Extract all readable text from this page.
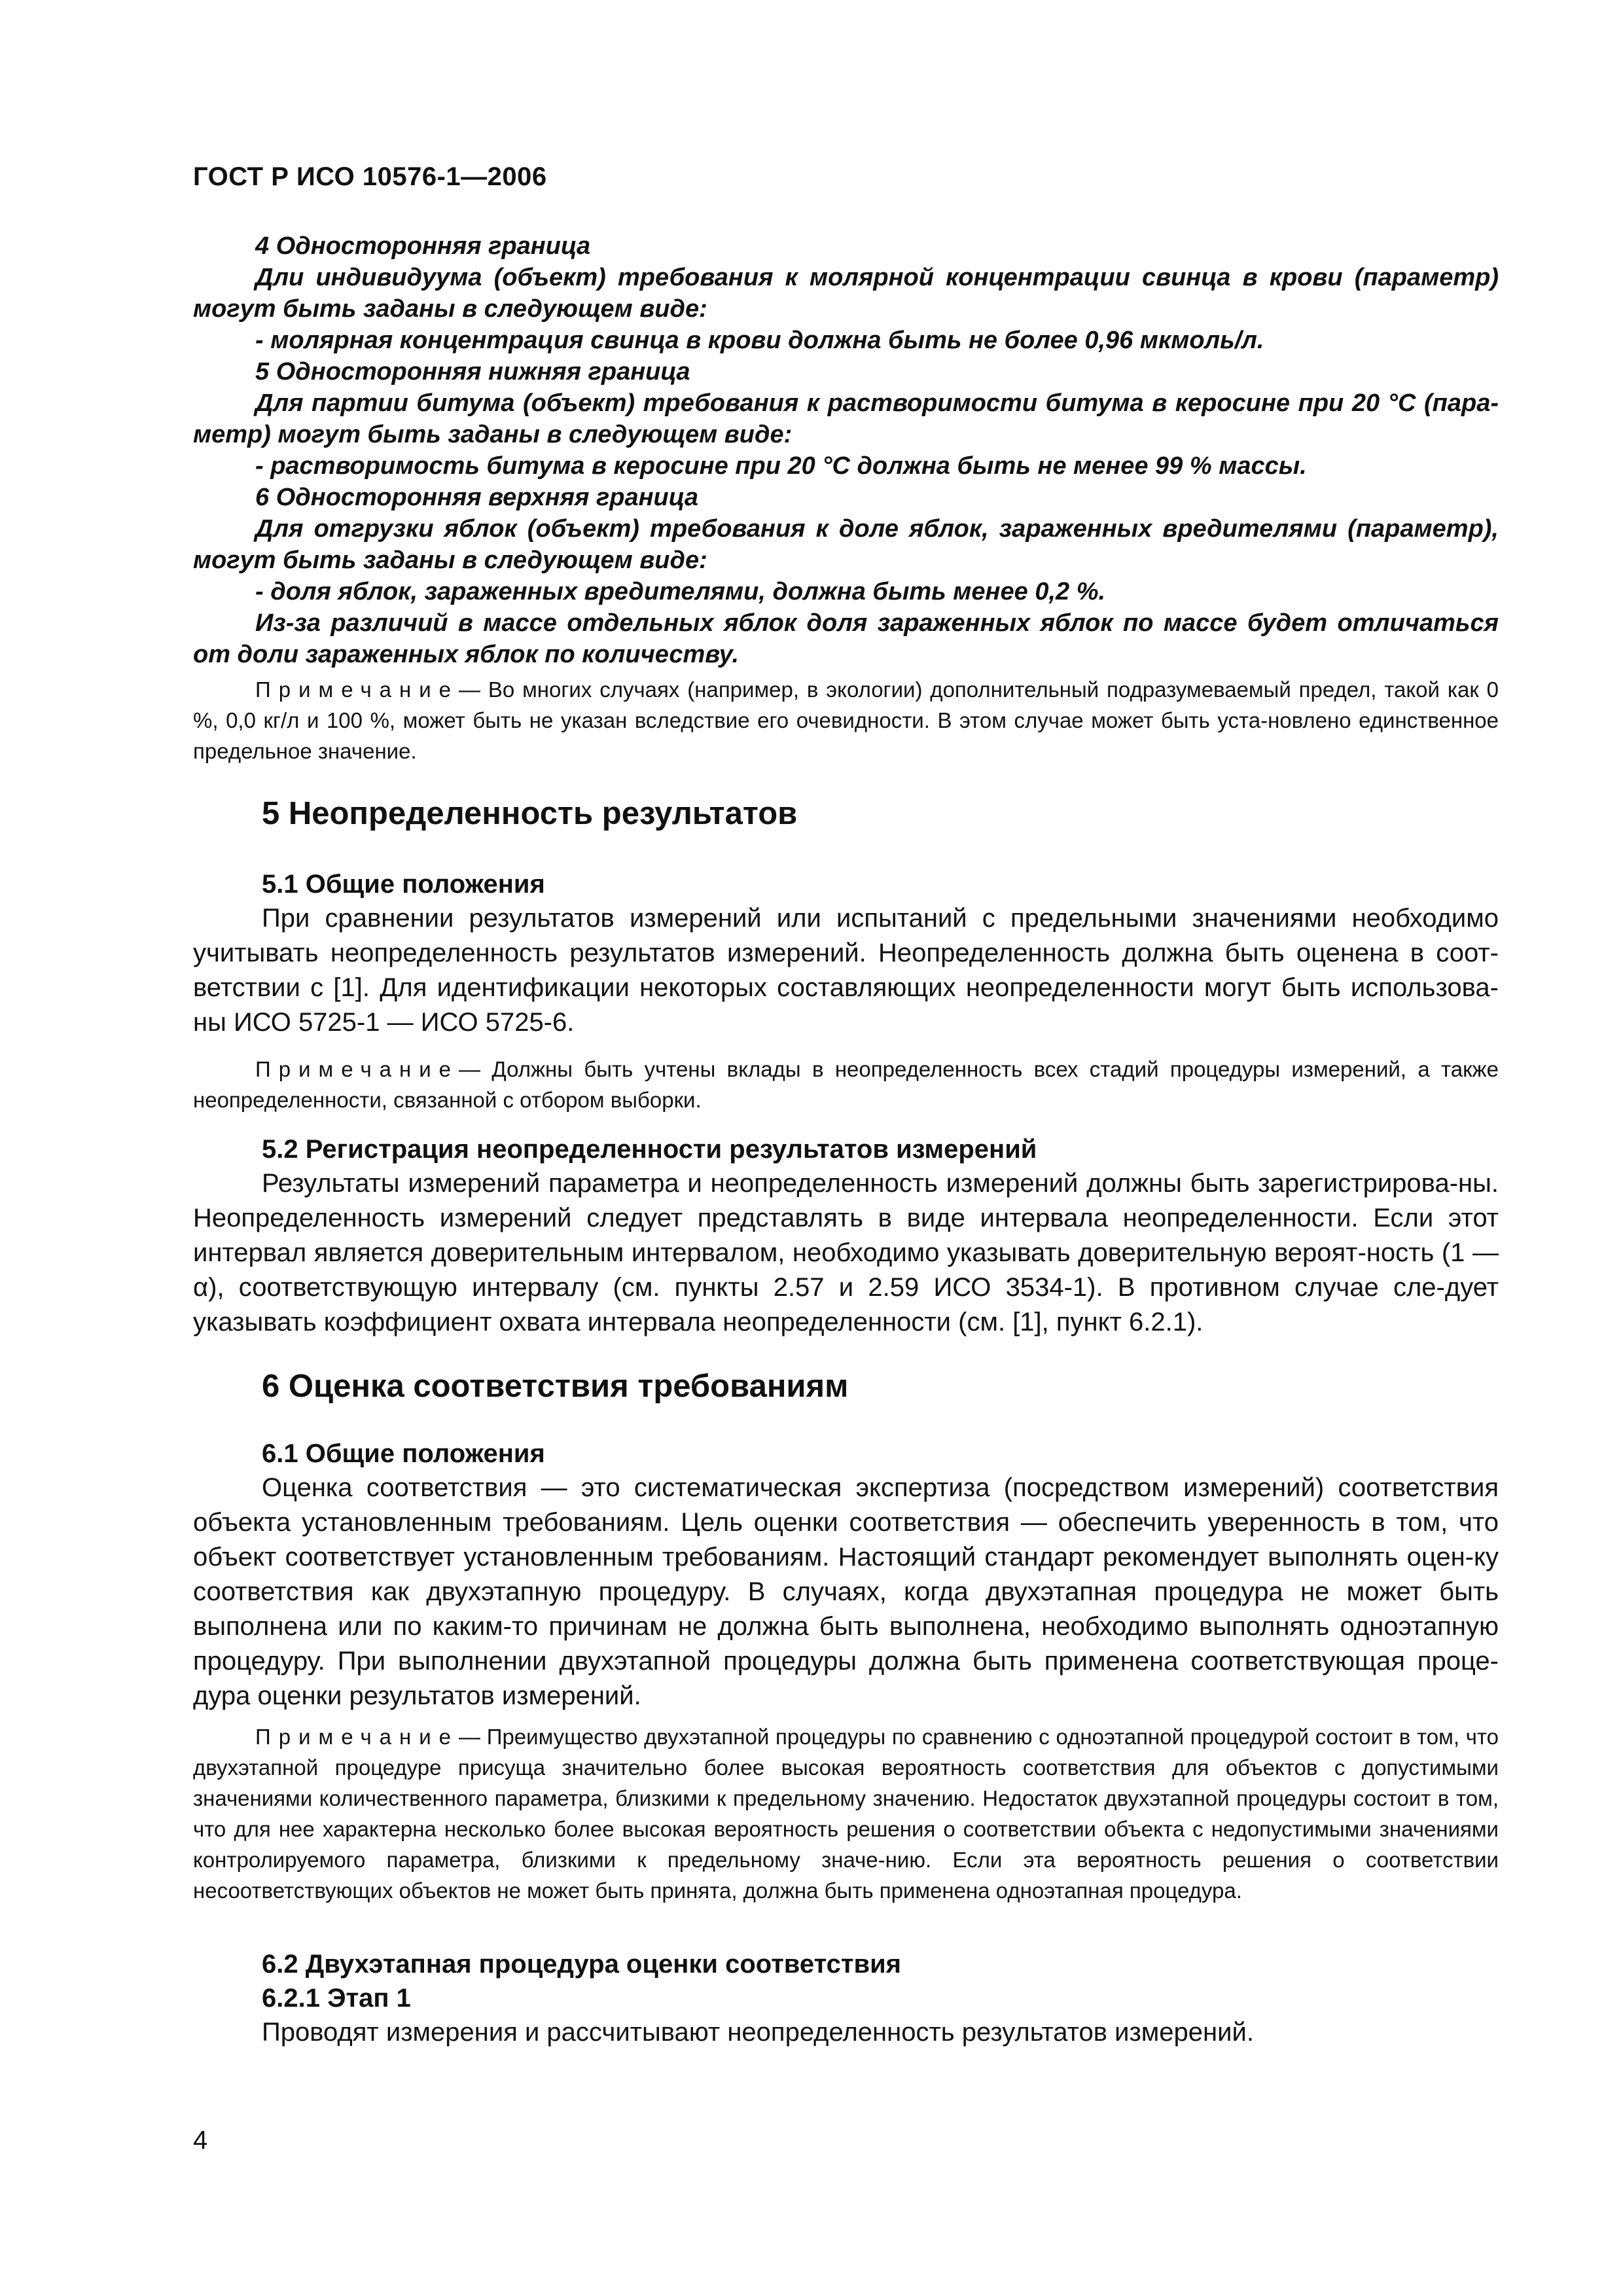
ГОСТ Р ИСО 10576-1—2006

4 Односторонняя граница

Дли индивидуума (объект) требования к молярной концентрации свинца в крови (параметр) могут быть заданы в следующем виде:

- молярная концентрация свинца в крови должна быть не более 0,96 мкмоль/л.

5 Односторонняя нижняя граница

Для партии битума (объект) требования к растворимости битума в керосине при 20 °С (пара-метр) могут быть заданы в следующем виде:

- растворимость битума в керосине при 20 °С должна быть не менее 99 % массы.

6 Односторонняя верхняя граница

Для отгрузки яблок (объект) требования к доле яблок, зараженных вредителями (параметр), могут быть заданы в следующем виде:

- доля яблок, зараженных вредителями, должна быть менее 0,2 %.

Из-за различий в массе отдельных яблок доля зараженных яблок по массе будет отличаться от доли зараженных яблок по количеству.

Примечание— Во многих случаях (например, в экологии) дополнительный подразумеваемый предел, такой как 0 %, 0,0 кг/л и 100 %, может быть не указан вследствие его очевидности. В этом случае может быть уста-новлено единственное предельное значение.

5 Неопределенность результатов

5.1 Общие положения

При сравнении результатов измерений или испытаний с предельными значениями необходимо учитывать неопределенность результатов измерений. Неопределенность должна быть оценена в соот-ветствии с [1]. Для идентификации некоторых составляющих неопределенности могут быть использова-ны ИСО 5725-1 — ИСО 5725-6.

Примечание— Должны быть учтены вклады в неопределенность всех стадий процедуры измерений, а также неопределенности, связанной с отбором выборки.

5.2 Регистрация неопределенности результатов измерений

Результаты измерений параметра и неопределенность измерений должны быть зарегистрирова-ны. Неопределенность измерений следует представлять в виде интервала неопределенности. Если этот интервал является доверительным интервалом, необходимо указывать доверительную вероят-ность (1 — α), соответствующую интервалу (см. пункты 2.57 и 2.59 ИСО 3534-1). В противном случае сле-дует указывать коэффициент охвата интервала неопределенности (см. [1], пункт 6.2.1).

6 Оценка соответствия требованиям

6.1 Общие положения

Оценка соответствия — это систематическая экспертиза (посредством измерений) соответствия объекта установленным требованиям. Цель оценки соответствия — обеспечить уверенность в том, что объект соответствует установленным требованиям. Настоящий стандарт рекомендует выполнять оцен-ку соответствия как двухэтапную процедуру. В случаях, когда двухэтапная процедура не может быть выполнена или по каким-то причинам не должна быть выполнена, необходимо выполнять одноэтапную процедуру. При выполнении двухэтапной процедуры должна быть применена соответствующая проце-дура оценки результатов измерений.

Примечание— Преимущество двухэтапной процедуры по сравнению с одноэтапной процедурой состоит в том, что двухэтапной процедуре присуща значительно более высокая вероятность соответствия для объектов с допустимыми значениями количественного параметра, близкими к предельному значению. Недостаток двухэтапной процедуры состоит в том, что для нее характерна несколько более высокая вероятность решения о соответствии объекта с недопустимыми значениями контролируемого параметра, близкими к предельному значе-нию. Если эта вероятность решения о соответствии несоответствующих объектов не может быть принята, должна быть применена одноэтапная процедура.

6.2 Двухэтапная процедура оценки соответствия

6.2.1 Этап 1

Проводят измерения и рассчитывают неопределенность результатов измерений.

4
